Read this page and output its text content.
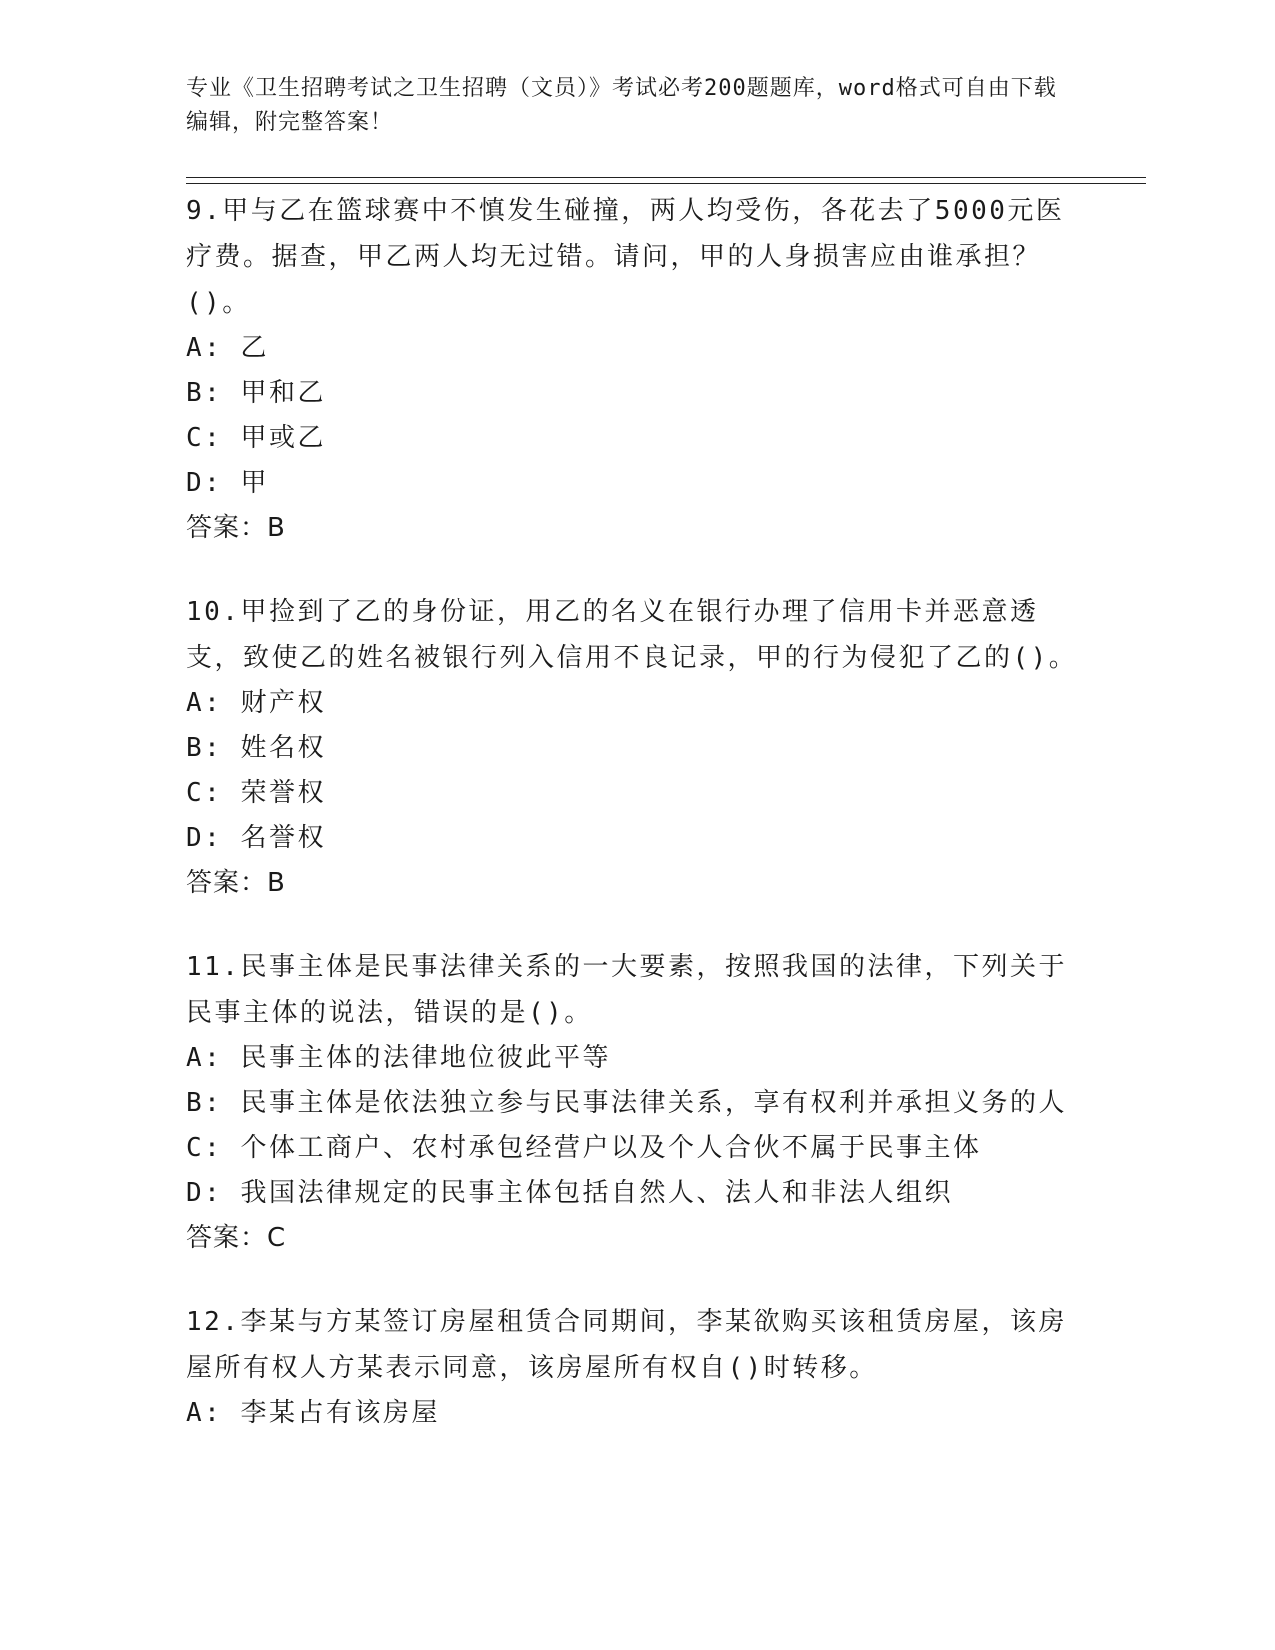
专业《卫生招聘考试之卫生招聘（文员）》考试必考200题题库，word格式可自由下载编辑，附完整答案！

9.甲与乙在篮球赛中不慎发生碰撞，两人均受伤，各花去了5000元医疗费。据查，甲乙两人均无过错。请问，甲的人身损害应由谁承担？()。

A: 乙

B: 甲和乙

C: 甲或乙

D: 甲

答案：B

10.甲捡到了乙的身份证，用乙的名义在银行办理了信用卡并恶意透支，致使乙的姓名被银行列入信用不良记录，甲的行为侵犯了乙的()。

A: 财产权

B: 姓名权

C: 荣誉权

D: 名誉权

答案：B

11.民事主体是民事法律关系的一大要素，按照我国的法律，下列关于民事主体的说法，错误的是()。

A: 民事主体的法律地位彼此平等

B: 民事主体是依法独立参与民事法律关系，享有权利并承担义务的人

C: 个体工商户、农村承包经营户以及个人合伙不属于民事主体

D: 我国法律规定的民事主体包括自然人、法人和非法人组织

答案：C

12.李某与方某签订房屋租赁合同期间，李某欲购买该租赁房屋，该房屋所有权人方某表示同意，该房屋所有权自()时转移。

A: 李某占有该房屋
